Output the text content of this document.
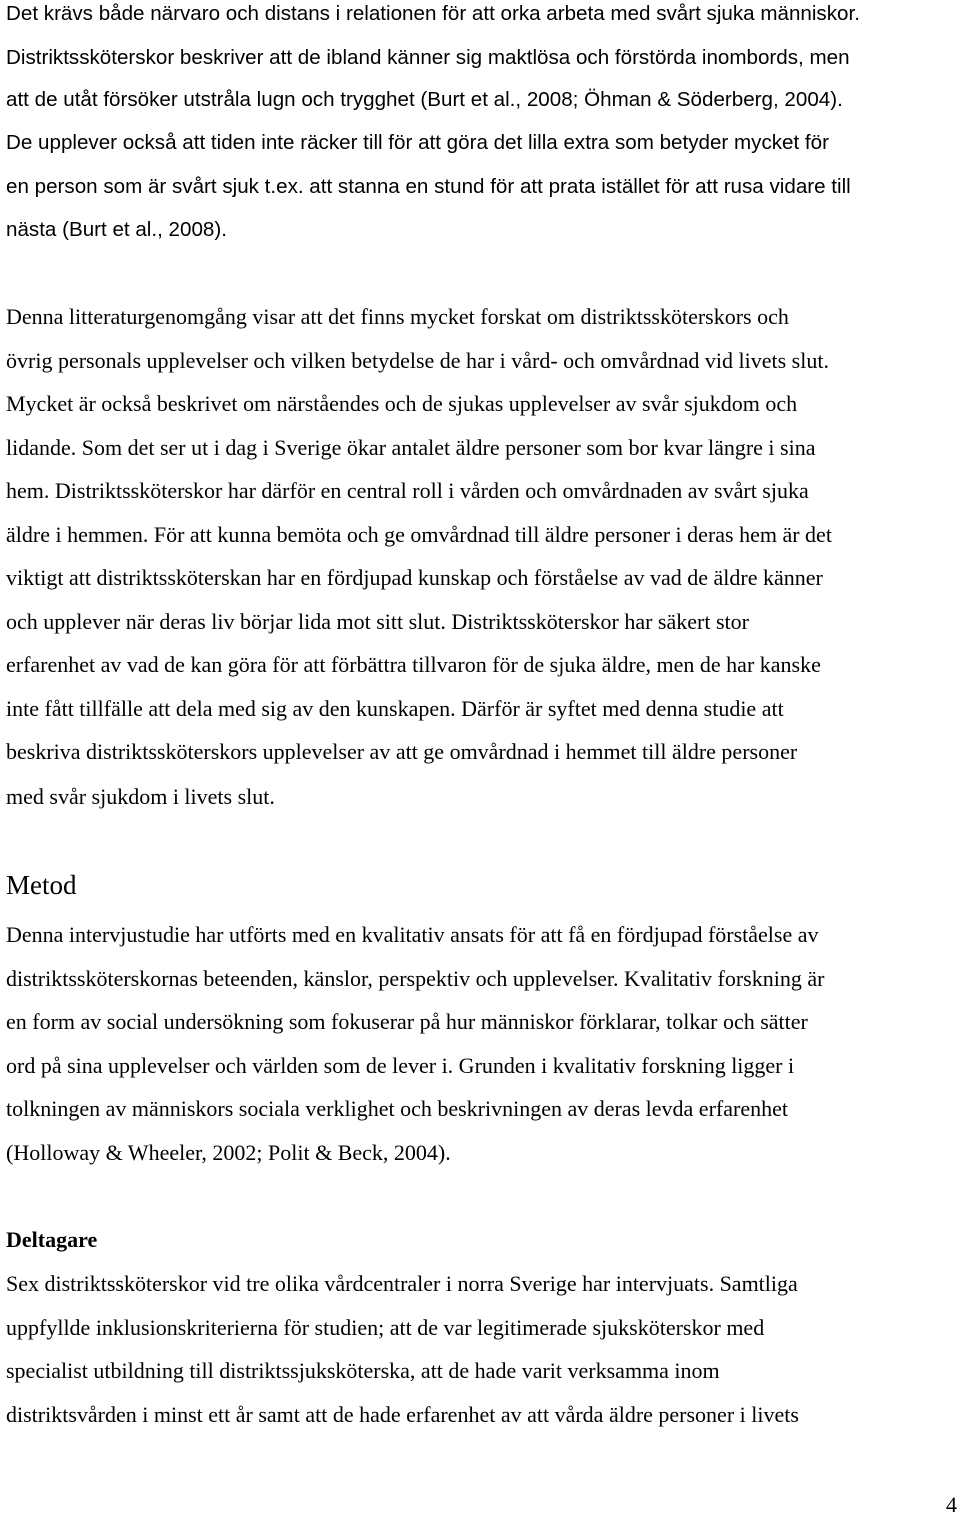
Det krävs både närvaro och distans i relationen för att orka arbeta med svårt sjuka människor.
Distriktssköterskor beskriver att de ibland känner sig maktlösa och förstörda inombords, men
att de utåt försöker utstråla lugn och trygghet (Burt et al., 2008; Öhman & Söderberg, 2004).
De upplever också att tiden inte räcker till för att göra det lilla extra som betyder mycket för
en person som är svårt sjuk t.ex. att stanna en stund för att prata istället för att rusa vidare till
nästa (Burt et al., 2008).
Denna litteraturgenomgång visar att det finns mycket forskat om distriktssköterskors och
övrig personals upplevelser och vilken betydelse de har i vård- och omvårdnad vid livets slut.
Mycket är också beskrivet om närståendes och de sjukas upplevelser av svår sjukdom och
lidande. Som det ser ut i dag i Sverige ökar antalet äldre personer som bor kvar längre i sina
hem. Distriktssköterskor har därför en central roll i vården och omvårdnaden av svårt sjuka
äldre i hemmen. För att kunna bemöta och ge omvårdnad till äldre personer i deras hem är det
viktigt att distriktssköterskan har en fördjupad kunskap och förståelse av vad de äldre känner
och upplever när deras liv börjar lida mot sitt slut. Distriktssköterskor har säkert stor
erfarenhet av vad de kan göra för att förbättra tillvaron för de sjuka äldre, men de har kanske
inte fått tillfälle att dela med sig av den kunskapen. Därför är syftet med denna studie att
beskriva distriktssköterskors upplevelser av att ge omvårdnad i hemmet till äldre personer
med svår sjukdom i livets slut.
Metod
Denna intervjustudie har utförts med en kvalitativ ansats för att få en fördjupad förståelse av
distriktssköterskornas beteenden, känslor, perspektiv och upplevelser. Kvalitativ forskning är
en form av social undersökning som fokuserar på hur människor förklarar, tolkar och sätter
ord på sina upplevelser och världen som de lever i. Grunden i kvalitativ forskning ligger i
tolkningen av människors sociala verklighet och beskrivningen av deras levda erfarenhet
(Holloway & Wheeler, 2002; Polit & Beck, 2004).
Deltagare
Sex distriktssköterskor vid tre olika vårdcentraler i norra Sverige har intervjuats. Samtliga
uppfyllde inklusionskriterierna för studien; att de var legitimerade sjuksköterskor med
specialist utbildning till distriktssjuksköterska, att de hade varit verksamma inom
distriktsvården i minst ett år samt att de hade erfarenhet av att vårda äldre personer i livets
4
